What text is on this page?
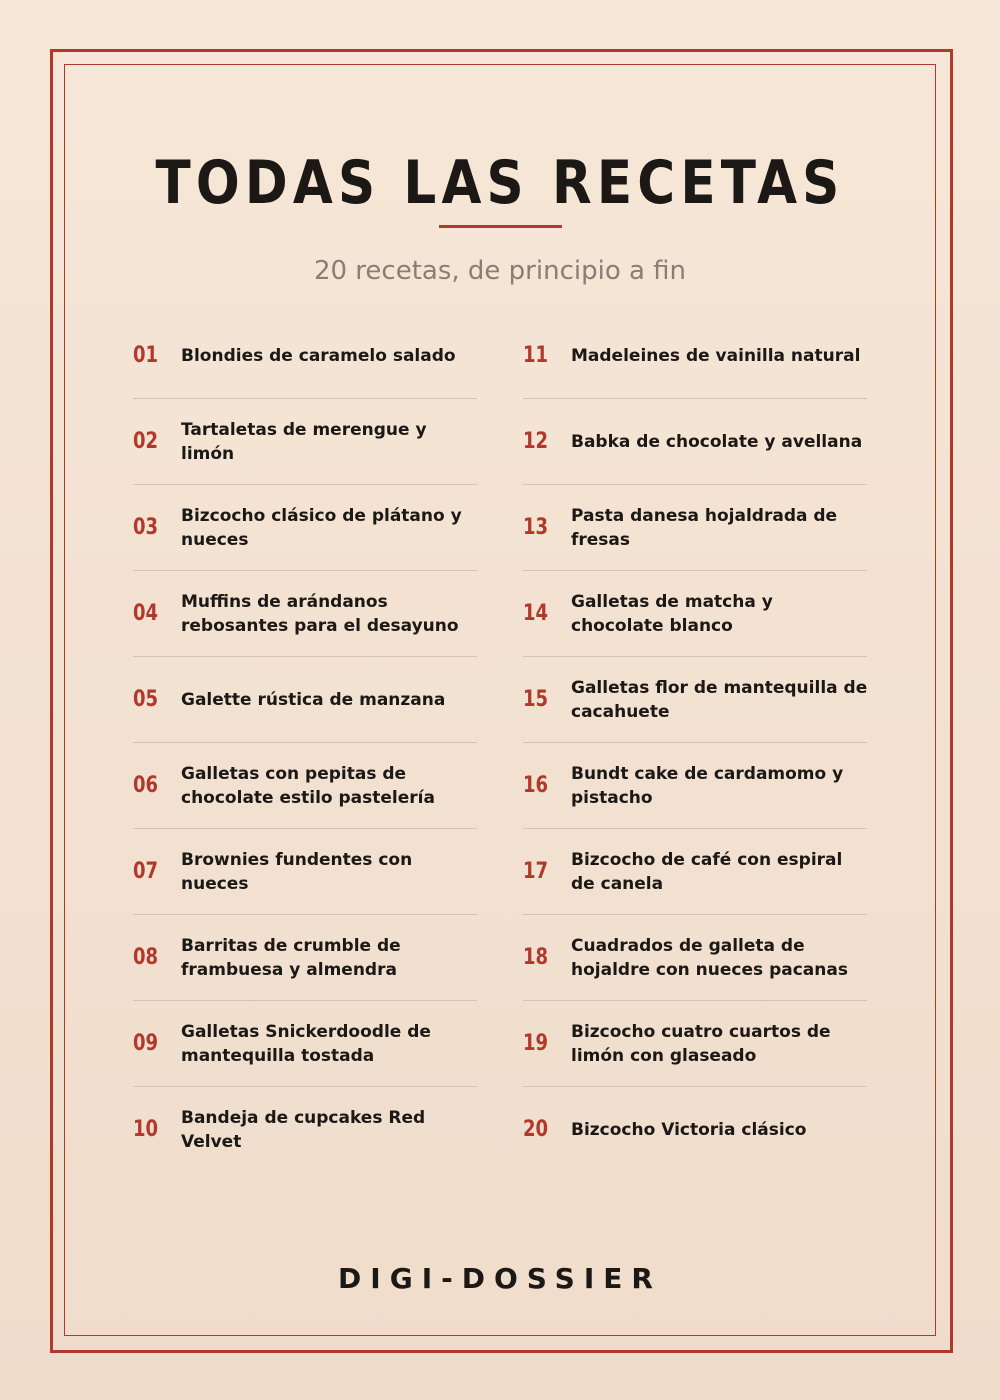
TODAS LAS RECETAS
20 recetas, de principio a fin
01	Blondies de caramelo salado
02	Tartaletas de merengue y limón
03	Bizcocho clásico de plátano y nueces
04	Muffins de arándanos rebosantes para el desayuno
05	Galette rústica de manzana
06	Galletas con pepitas de chocolate estilo pastelería
07	Brownies fundentes con nueces
08	Barritas de crumble de frambuesa y almendra
09	Galletas Snickerdoodle de mantequilla tostada
10	Bandeja de cupcakes Red Velvet
11	Madeleines de vainilla natural
12	Babka de chocolate y avellana
13	Pasta danesa hojaldrada de fresas
14	Galletas de matcha y chocolate blanco
15	Galletas flor de mantequilla de cacahuete
16	Bundt cake de cardamomo y pistacho
17	Bizcocho de café con espiral de canela
18	Cuadrados de galleta de hojaldre con nueces pacanas
19	Bizcocho cuatro cuartos de limón con glaseado
20	Bizcocho Victoria clásico
DIGI-DOSSIER
